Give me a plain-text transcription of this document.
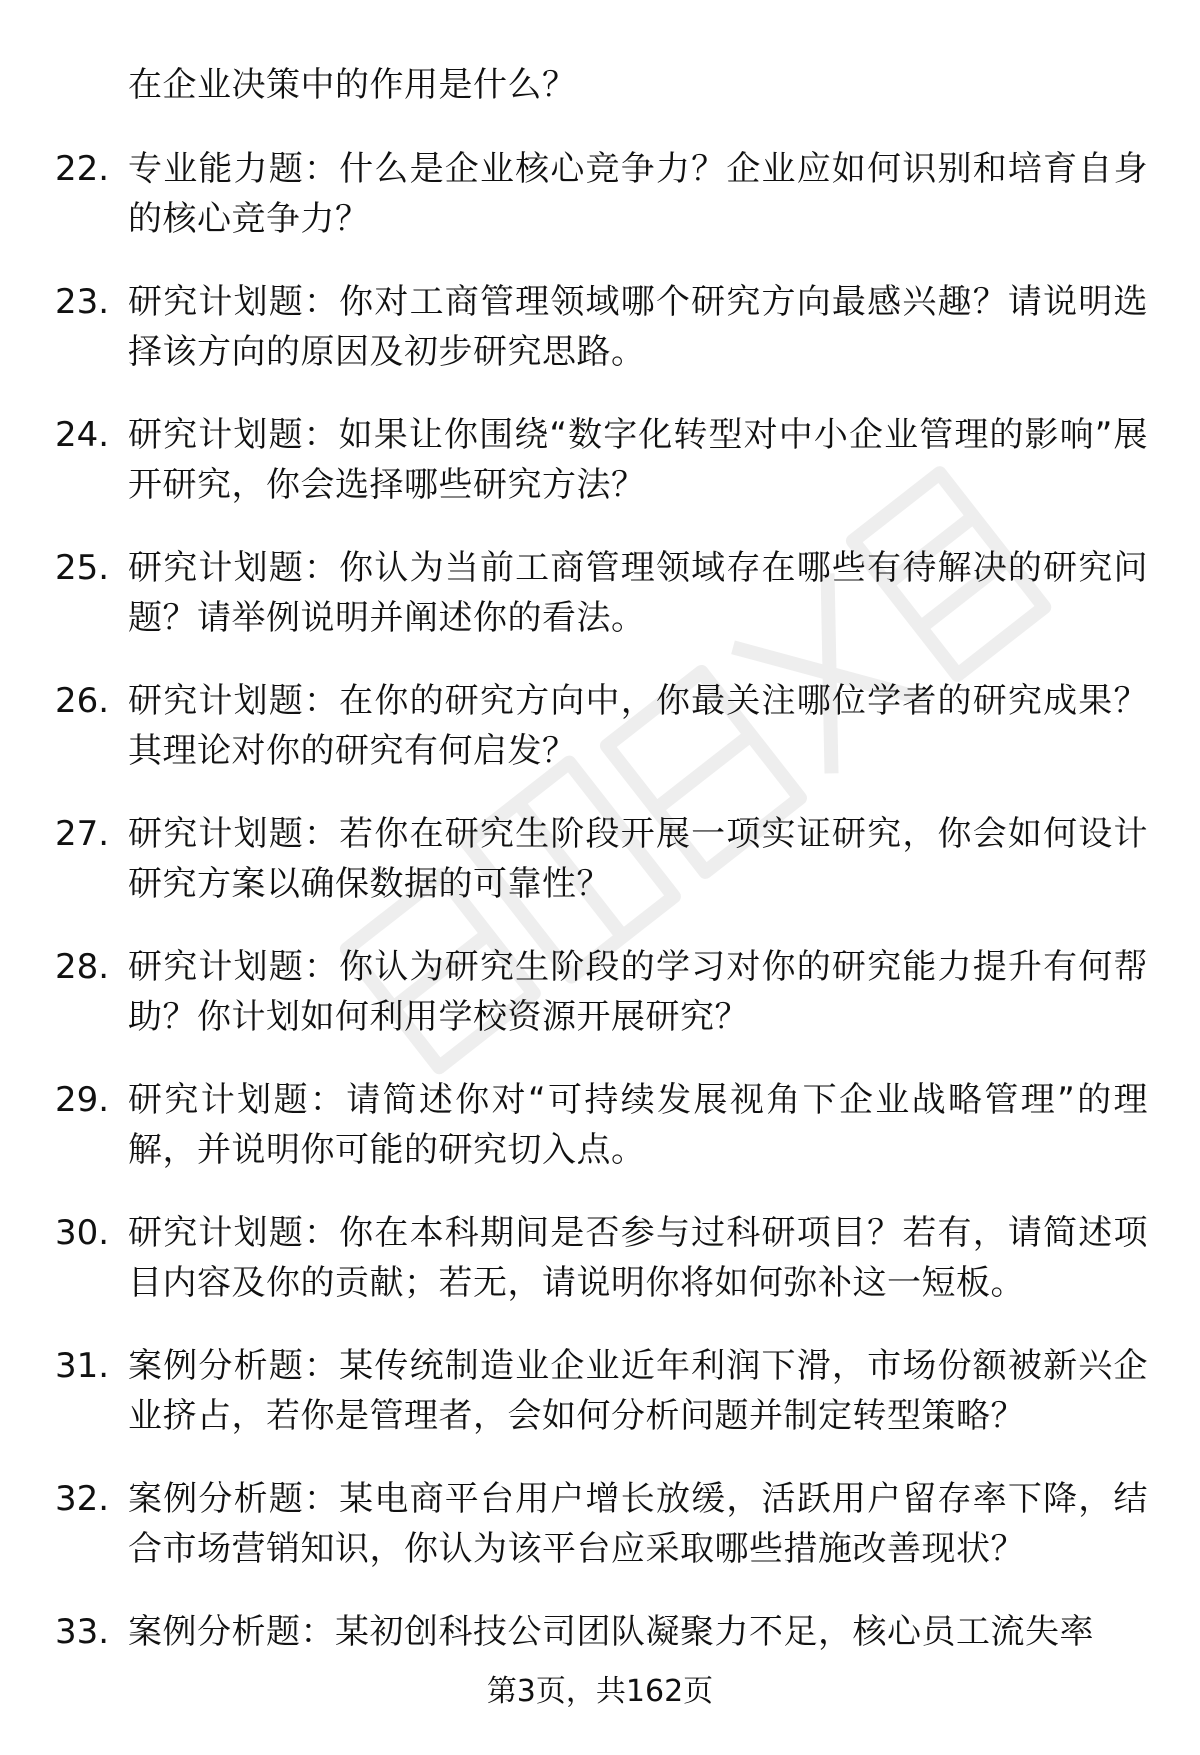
在企业决策中的作用是什么？
22. 专业能力题：什么是企业核心竞争力？企业应如何识别和培育自身的核心竞争力？
23. 研究计划题：你对工商管理领域哪个研究方向最感兴趣？请说明选择该方向的原因及初步研究思路。
24. 研究计划题：如果让你围绕“数字化转型对中小企业管理的影响”展开研究，你会选择哪些研究方法？
25. 研究计划题：你认为当前工商管理领域存在哪些有待解决的研究问题？请举例说明并阐述你的看法。
26. 研究计划题：在你的研究方向中，你最关注哪位学者的研究成果？其理论对你的研究有何启发？
27. 研究计划题：若你在研究生阶段开展一项实证研究，你会如何设计研究方案以确保数据的可靠性？
28. 研究计划题：你认为研究生阶段的学习对你的研究能力提升有何帮助？你计划如何利用学校资源开展研究？
29. 研究计划题：请简述你对“可持续发展视角下企业战略管理”的理解，并说明你可能的研究切入点。
30. 研究计划题：你在本科期间是否参与过科研项目？若有，请简述项目内容及你的贡献；若无，请说明你将如何弥补这一短板。
31. 案例分析题：某传统制造业企业近年利润下滑，市场份额被新兴企业挤占，若你是管理者，会如何分析问题并制定转型策略？
32. 案例分析题：某电商平台用户增长放缓，活跃用户留存率下降，结合市场营销知识，你认为该平台应采取哪些措施改善现状？
33. 案例分析题：某初创科技公司团队凝聚力不足，核心员工流失率
第3页，共162页
